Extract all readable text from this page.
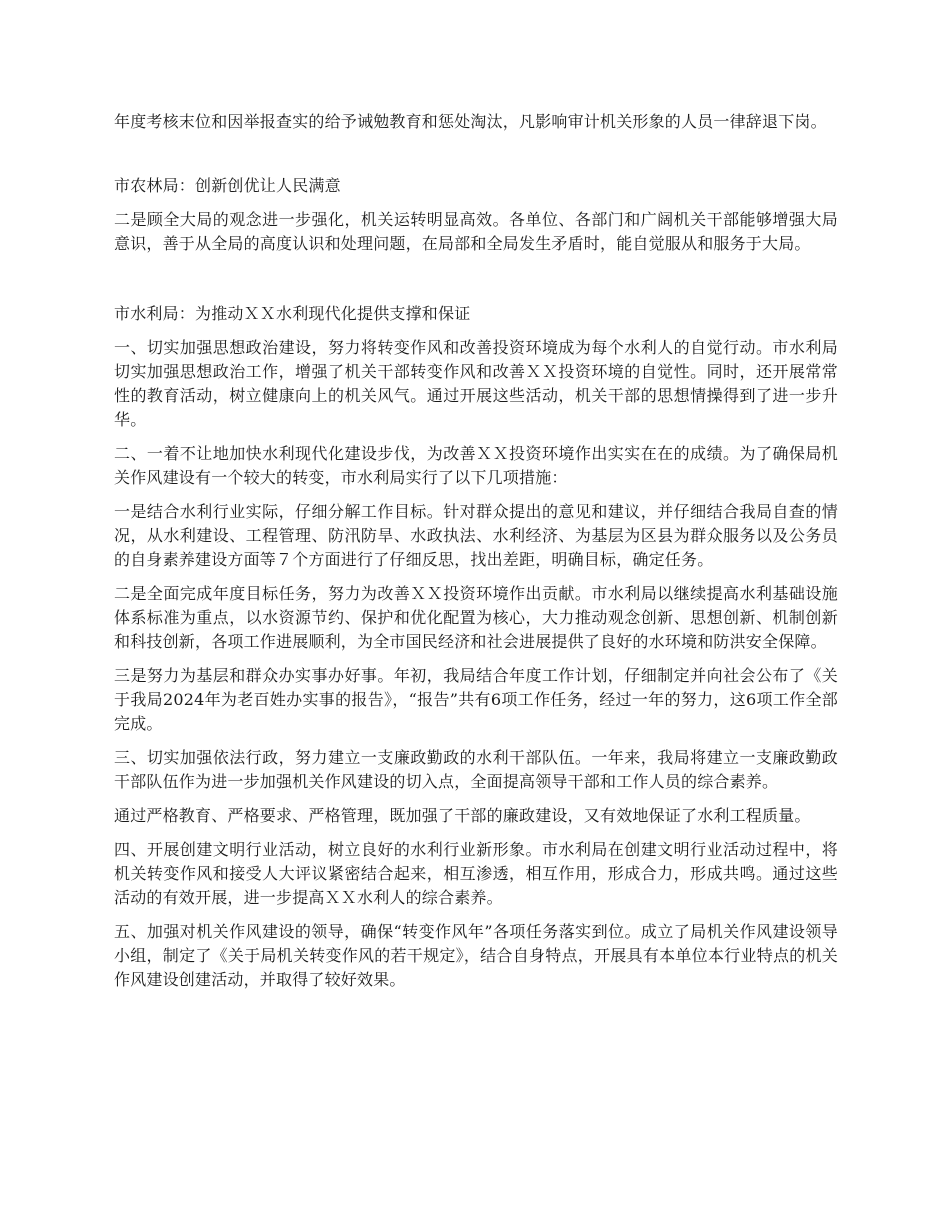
年度考核末位和因举报查实的给予诫勉教育和惩处淘汰，凡影响审计机关形象的人员一律辞退下岗。

市农林局：创新创优让人民满意

二是顾全大局的观念进一步强化，机关运转明显高效。各单位、各部门和广阔机关干部能够增强大局意识，善于从全局的高度认识和处理问题，在局部和全局发生矛盾时，能自觉服从和服务于大局。

市水利局：为推动ＸＸ水利现代化提供支撑和保证

一、切实加强思想政治建设，努力将转变作风和改善投资环境成为每个水利人的自觉行动。市水利局切实加强思想政治工作，增强了机关干部转变作风和改善ＸＸ投资环境的自觉性。同时，还开展常常性的教育活动，树立健康向上的机关风气。通过开展这些活动，机关干部的思想情操得到了进一步升华。

二、一着不让地加快水利现代化建设步伐，为改善ＸＸ投资环境作出实实在在的成绩。为了确保局机关作风建设有一个较大的转变，市水利局实行了以下几项措施：

一是结合水利行业实际，仔细分解工作目标。针对群众提出的意见和建议，并仔细结合我局自查的情况，从水利建设、工程管理、防汛防旱、水政执法、水利经济、为基层为区县为群众服务以及公务员的自身素养建设方面等７个方面进行了仔细反思，找出差距，明确目标，确定任务。

二是全面完成年度目标任务，努力为改善ＸＸ投资环境作出贡献。市水利局以继续提高水利基础设施体系标准为重点，以水资源节约、保护和优化配置为核心，大力推动观念创新、思想创新、机制创新和科技创新，各项工作进展顺利，为全市国民经济和社会进展提供了良好的水环境和防洪安全保障。

三是努力为基层和群众办实事办好事。年初，我局结合年度工作计划，仔细制定并向社会公布了《关于我局2024年为老百姓办实事的报告》，“报告”共有6项工作任务，经过一年的努力，这6项工作全部完成。

三、切实加强依法行政，努力建立一支廉政勤政的水利干部队伍。一年来，我局将建立一支廉政勤政干部队伍作为进一步加强机关作风建设的切入点，全面提高领导干部和工作人员的综合素养。

通过严格教育、严格要求、严格管理，既加强了干部的廉政建设，又有效地保证了水利工程质量。

四、开展创建文明行业活动，树立良好的水利行业新形象。市水利局在创建文明行业活动过程中，将机关转变作风和接受人大评议紧密结合起来，相互渗透，相互作用，形成合力，形成共鸣。通过这些活动的有效开展，进一步提高ＸＸ水利人的综合素养。

五、加强对机关作风建设的领导，确保“转变作风年”各项任务落实到位。成立了局机关作风建设领导小组，制定了《关于局机关转变作风的若干规定》，结合自身特点，开展具有本单位本行业特点的机关作风建设创建活动，并取得了较好效果。
